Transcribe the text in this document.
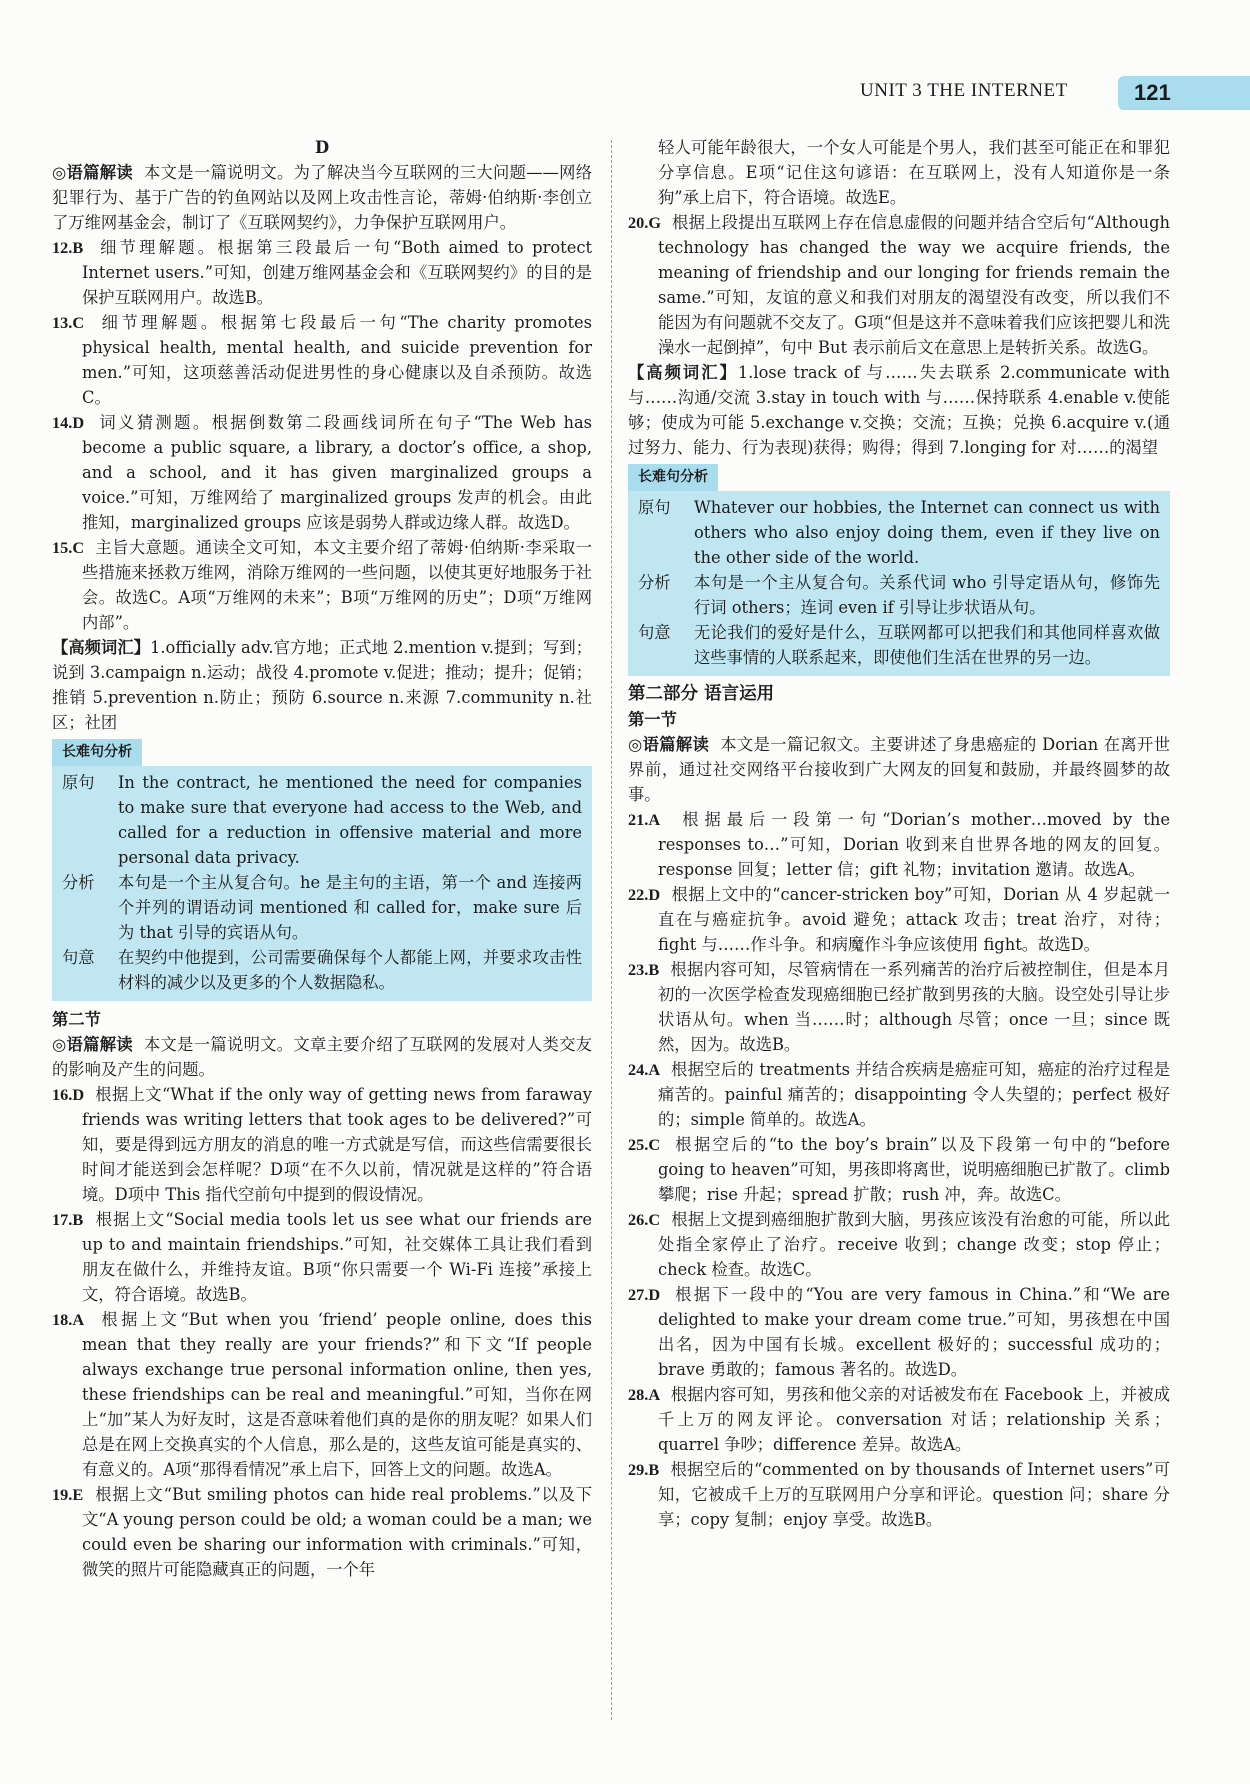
UNIT 3 THE INTERNET	121

D

◎语篇解读 本文是一篇说明文。为了解决当今互联网的三大问题——网络犯罪行为、基于广告的钓鱼网站以及网上攻击性言论，蒂姆·伯纳斯·李创立了万维网基金会，制订了《互联网契约》，力争保护互联网用户。

12.B 细节理解题。根据第三段最后一句“Both aimed to protect Internet users.”可知，创建万维网基金会和《互联网契约》的目的是保护互联网用户。故选B。

13.C 细节理解题。根据第七段最后一句“The charity promotes physical health, mental health, and suicide prevention for men.”可知，这项慈善活动促进男性的身心健康以及自杀预防。故选C。

14.D 词义猜测题。根据倒数第二段画线词所在句子“The Web has become a public square, a library, a doctor’s office, a shop, and a school, and it has given marginalized groups a voice.”可知，万维网给了 marginalized groups 发声的机会。由此推知，marginalized groups 应该是弱势人群或边缘人群。故选D。

15.C 主旨大意题。通读全文可知，本文主要介绍了蒂姆·伯纳斯·李采取一些措施来拯救万维网，消除万维网的一些问题，以使其更好地服务于社会。故选C。A项“万维网的未来”；B项“万维网的历史”；D项“万维网内部”。

【高频词汇】1.officially adv.官方地；正式地 2.mention v.提到；写到；说到 3.campaign n.运动；战役 4.promote v.促进；推动；提升；促销；推销 5.prevention n.防止；预防 6.source n.来源 7.community n.社区；社团

长难句分析
原句	In the contract, he mentioned the need for companies to make sure that everyone had access to the Web, and called for a reduction in offensive material and more personal data privacy.
分析	本句是一个主从复合句。he 是主句的主语，第一个 and 连接两个并列的谓语动词 mentioned 和 called for，make sure 后为 that 引导的宾语从句。
句意	在契约中他提到，公司需要确保每个人都能上网，并要求攻击性材料的减少以及更多的个人数据隐私。

第二节

◎语篇解读 本文是一篇说明文。文章主要介绍了互联网的发展对人类交友的影响及产生的问题。

16.D 根据上文“What if the only way of getting news from faraway friends was writing letters that took ages to be delivered?”可知，要是得到远方朋友的消息的唯一方式就是写信，而这些信需要很长时间才能送到会怎样呢？D项“在不久以前，情况就是这样的”符合语境。D项中 This 指代空前句中提到的假设情况。

17.B 根据上文“Social media tools let us see what our friends are up to and maintain friendships.”可知，社交媒体工具让我们看到朋友在做什么，并维持友谊。B项“你只需要一个 Wi-Fi 连接”承接上文，符合语境。故选B。

18.A 根据上文“But when you ‘friend’ people online, does this mean that they really are your friends?”和下文“If people always exchange true personal information online, then yes, these friendships can be real and meaningful.”可知，当你在网上“加”某人为好友时，这是否意味着他们真的是你的朋友呢？如果人们总是在网上交换真实的个人信息，那么是的，这些友谊可能是真实的、有意义的。A项“那得看情况”承上启下，回答上文的问题。故选A。

19.E 根据上文“But smiling photos can hide real problems.”以及下文“A young person could be old; a woman could be a man; we could even be sharing our information with criminals.”可知，微笑的照片可能隐藏真正的问题，一个年

轻人可能年龄很大，一个女人可能是个男人，我们甚至可能正在和罪犯分享信息。E项“记住这句谚语：在互联网上，没有人知道你是一条狗”承上启下，符合语境。故选E。

20.G 根据上段提出互联网上存在信息虚假的问题并结合空后句“Although technology has changed the way we acquire friends, the meaning of friendship and our longing for friends remain the same.”可知，友谊的意义和我们对朋友的渴望没有改变，所以我们不能因为有问题就不交友了。G项“但是这并不意味着我们应该把婴儿和洗澡水一起倒掉”，句中 But 表示前后文在意思上是转折关系。故选G。

【高频词汇】1.lose track of 与……失去联系 2.communicate with 与……沟通/交流 3.stay in touch with 与……保持联系 4.enable v.使能够；使成为可能 5.exchange v.交换；交流；互换；兑换 6.acquire v.(通过努力、能力、行为表现)获得；购得；得到 7.longing for 对……的渴望

长难句分析
原句	Whatever our hobbies, the Internet can connect us with others who also enjoy doing them, even if they live on the other side of the world.
分析	本句是一个主从复合句。关系代词 who 引导定语从句，修饰先行词 others；连词 even if 引导让步状语从句。
句意	无论我们的爱好是什么，互联网都可以把我们和其他同样喜欢做这些事情的人联系起来，即使他们生活在世界的另一边。

第二部分 语言运用

第一节

◎语篇解读 本文是一篇记叙文。主要讲述了身患癌症的 Dorian 在离开世界前，通过社交网络平台接收到广大网友的回复和鼓励，并最终圆梦的故事。

21.A 根据最后一段第一句“Dorian’s mother…moved by the responses to…”可知，Dorian 收到来自世界各地的网友的回复。response 回复；letter 信；gift 礼物；invitation 邀请。故选A。

22.D 根据上文中的“cancer-stricken boy”可知，Dorian 从 4 岁起就一直在与癌症抗争。avoid 避免；attack 攻击；treat 治疗，对待；fight 与……作斗争。和病魔作斗争应该使用 fight。故选D。

23.B 根据内容可知，尽管病情在一系列痛苦的治疗后被控制住，但是本月初的一次医学检查发现癌细胞已经扩散到男孩的大脑。设空处引导让步状语从句。when 当……时；although 尽管；once 一旦；since 既然，因为。故选B。

24.A 根据空后的 treatments 并结合疾病是癌症可知，癌症的治疗过程是痛苦的。painful 痛苦的；disappointing 令人失望的；perfect 极好的；simple 简单的。故选A。

25.C 根据空后的“to the boy’s brain”以及下段第一句中的“before going to heaven”可知，男孩即将离世，说明癌细胞已扩散了。climb 攀爬；rise 升起；spread 扩散；rush 冲，奔。故选C。

26.C 根据上文提到癌细胞扩散到大脑，男孩应该没有治愈的可能，所以此处指全家停止了治疗。receive 收到；change 改变；stop 停止；check 检查。故选C。

27.D 根据下一段中的“You are very famous in China.”和“We are delighted to make your dream come true.”可知，男孩想在中国出名，因为中国有长城。excellent 极好的；successful 成功的；brave 勇敢的；famous 著名的。故选D。

28.A 根据内容可知，男孩和他父亲的对话被发布在 Facebook 上，并被成千上万的网友评论。conversation 对话；relationship 关系；quarrel 争吵；difference 差异。故选A。

29.B 根据空后的“commented on by thousands of Internet users”可知，它被成千上万的互联网用户分享和评论。question 问；share 分享；copy 复制；enjoy 享受。故选B。
